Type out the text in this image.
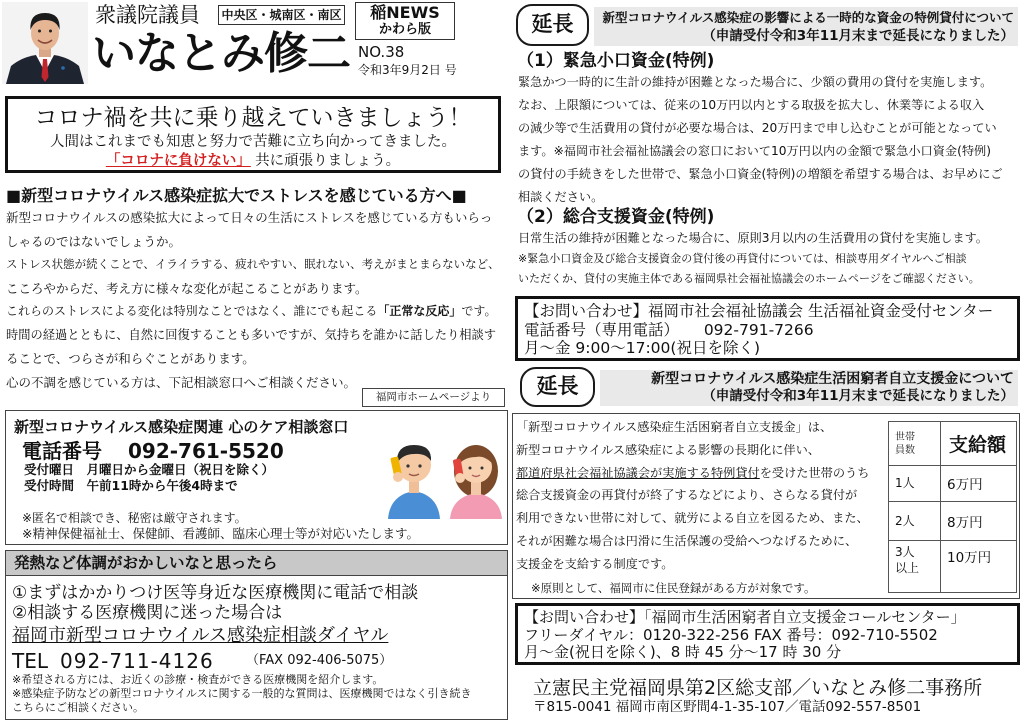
衆議院議員	中央区・城南区・南区	稲NEWS
かわら版
いなとみ修二 NO.38
令和3年9月2日 号
コロナ禍を共に乗り越えていきましょう！
人間はこれまでも知恵と努力で苦難に立ち向かってきました。
「コロナに負けない」 共に頑張りましょう。
■新型コロナウイルス感染症拡大でストレスを感じている方へ■
新型コロナウイルスの感染拡大によって日々の生活にストレスを感じている方もいらっ
しゃるのではないでしょうか。
ストレス状態が続くことで、イライラする、疲れやすい、眠れない、考えがまとまらないなど、
こころやからだ、考え方に様々な変化が起こることがあります。
これらのストレスによる変化は特別なことではなく、誰にでも起こる「正常な反応」です。
時間の経過とともに、自然に回復することも多いですが、気持ちを誰かに話したり相談す
ることで、つらさが和らぐことがあります。
心の不調を感じている方は、下記相談窓口へご相談ください。
福岡市ホームページより
新型コロナウイルス感染症関連 心のケア相談窓口
電話番号 092-761-5520
受付曜日 月曜日から金曜日（祝日を除く）
受付時間 午前11時から午後4時まで
※匿名で相談でき、秘密は厳守されます。
※精神保健福祉士、保健師、看護師、臨床心理士等が対応いたします。
発熱など体調がおかしいなと思ったら
①まずはかかりつけ医等身近な医療機関に電話で相談
②相談する医療機関に迷った場合は
福岡市新型コロナウイルス感染症相談ダイヤル
TEL 092-711-4126 （FAX 092-406-5075）
※希望される方には、お近くの診療・検査ができる医療機関を紹介します。
※感染症予防などの新型コロナウイルスに関する一般的な質問は、医療機関ではなく引き続き
こちらにご相談ください。
延長	新型コロナウイルス感染症の影響による一時的な資金の特例貸付について
（申請受付令和3年11月末まで延長になりました）
（1）緊急小口資金(特例)
緊急かつ一時的に生計の維持が困難となった場合に、少額の費用の貸付を実施します。
なお、上限額については、従来の10万円以内とする取扱を拡大し、休業等による収入
の減少等で生活費用の貸付が必要な場合は、20万円まで申し込むことが可能となってい
ます。※福岡市社会福祉協議会の窓口において10万円以内の金額で緊急小口資金(特例)
の貸付の手続きをした世帯で、緊急小口資金(特例)の増額を希望する場合は、お早めにご
相談ください。
（2）総合支援資金(特例)
日常生活の維持が困難となった場合に、原則3月以内の生活費用の貸付を実施します。
※緊急小口資金及び総合支援資金の貸付後の再貸付については、相談専用ダイヤルへご相談
いただくか、貸付の実施主体である福岡県社会福祉協議会のホームページをご確認ください。
【お問い合わせ】福岡市社会福祉協議会 生活福祉資金受付センター
電話番号（専用電話） 092-791-7266
月～金 9:00～17:00(祝日を除く)
延長	新型コロナウイルス感染症生活困窮者自立支援金について
（申請受付令和3年11月末まで延長になりました）
「新型コロナウイルス感染症生活困窮者自立支援金」は、
新型コロナウイルス感染症による影響の長期化に伴い、
都道府県社会福祉協議会が実施する特例貸付を受けた世帯のうち
総合支援資金の再貸付が終了するなどにより、さらなる貸付が
利用できない世帯に対して、就労による自立を図るため、また、
それが困難な場合は円滑に生活保護の受給へつなげるために、
支援金を支給する制度です。
※原則として、福岡市に住民登録がある方が対象です。
世帯員数	支給額
1人	6万円
2人	8万円
3人以上	10万円
【お問い合わせ】「福岡市生活困窮者自立支援金コールセンター」
フリーダイヤル：0120-322-256 FAX 番号：092-710-5502
月～金(祝日を除く)、8 時 45 分～17 時 30 分
立憲民主党福岡県第2区総支部／いなとみ修二事務所
〒815-0041 福岡市南区野間4-1-35-107／電話092-557-8501
